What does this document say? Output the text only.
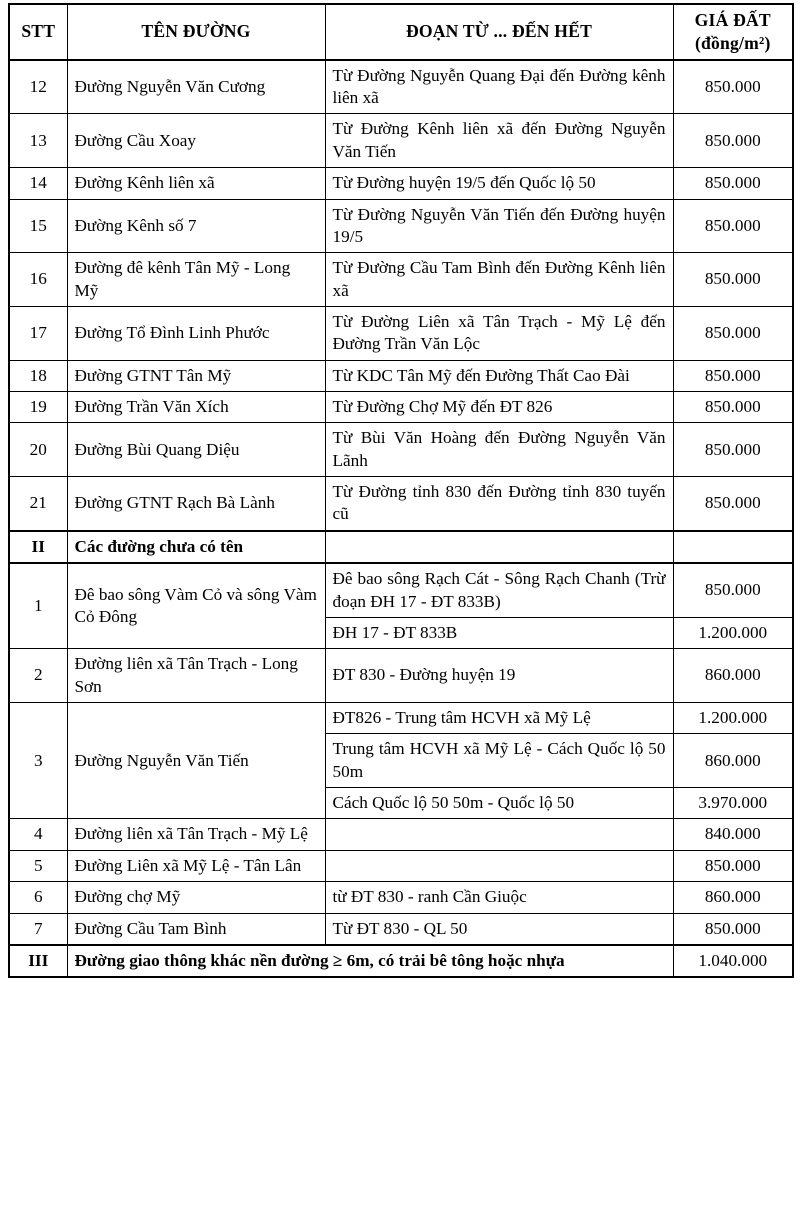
STT	TÊN ĐƯỜNG	ĐOẠN TỪ ... ĐẾN HẾT	GIÁ ĐẤT
(đồng/m²)

12	Đường Nguyễn Văn Cương	Từ Đường Nguyễn Quang Đại đến Đường kênh liên xã	850.000
13	Đường Cầu Xoay	Từ Đường Kênh liên xã đến Đường Nguyễn Văn Tiến	850.000
14	Đường Kênh liên xã	Từ Đường huyện 19/5 đến Quốc lộ 50	850.000
15	Đường Kênh số 7	Từ Đường Nguyễn Văn Tiến đến Đường huyện 19/5	850.000
16	Đường đê kênh Tân Mỹ - Long Mỹ	Từ Đường Cầu Tam Bình đến Đường Kênh liên xã	850.000
17	Đường Tổ Đình Linh Phước	Từ Đường Liên xã Tân Trạch - Mỹ Lệ đến Đường Trần Văn Lộc	850.000
18	Đường GTNT Tân Mỹ	Từ KDC Tân Mỹ đến Đường Thất Cao Đài	850.000
19	Đường Trần Văn Xích	Từ Đường Chợ Mỹ đến ĐT 826	850.000
20	Đường Bùi Quang Diệu	Từ Bùi Văn Hoàng đến Đường Nguyễn Văn Lãnh	850.000
21	Đường GTNT Rạch Bà Lành	Từ Đường tỉnh 830 đến Đường tỉnh 830 tuyến cũ	850.000
II	Các đường chưa có tên		
1	Đê bao sông Vàm Cỏ và sông Vàm Cỏ Đông	Đê bao sông Rạch Cát - Sông Rạch Chanh (Trừ đoạn ĐH 17 - ĐT 833B)	850.000
		ĐH 17 - ĐT 833B	1.200.000
2	Đường liên xã Tân Trạch - Long Sơn	ĐT 830 - Đường huyện 19	860.000
3	Đường Nguyễn Văn Tiến	ĐT826 - Trung tâm HCVH xã Mỹ Lệ	1.200.000
		Trung tâm HCVH xã Mỹ Lệ - Cách Quốc lộ 50 50m	860.000
		Cách Quốc lộ 50 50m - Quốc lộ 50	3.970.000
4	Đường liên xã Tân Trạch - Mỹ Lệ		840.000
5	Đường Liên xã Mỹ Lệ - Tân Lân		850.000
6	Đường chợ Mỹ	từ ĐT 830 - ranh Cần Giuộc	860.000
7	Đường Cầu Tam Bình	Từ ĐT 830 - QL 50	850.000
III	Đường giao thông khác nền đường ≥ 6m, có trải bê tông hoặc nhựa		1.040.000
